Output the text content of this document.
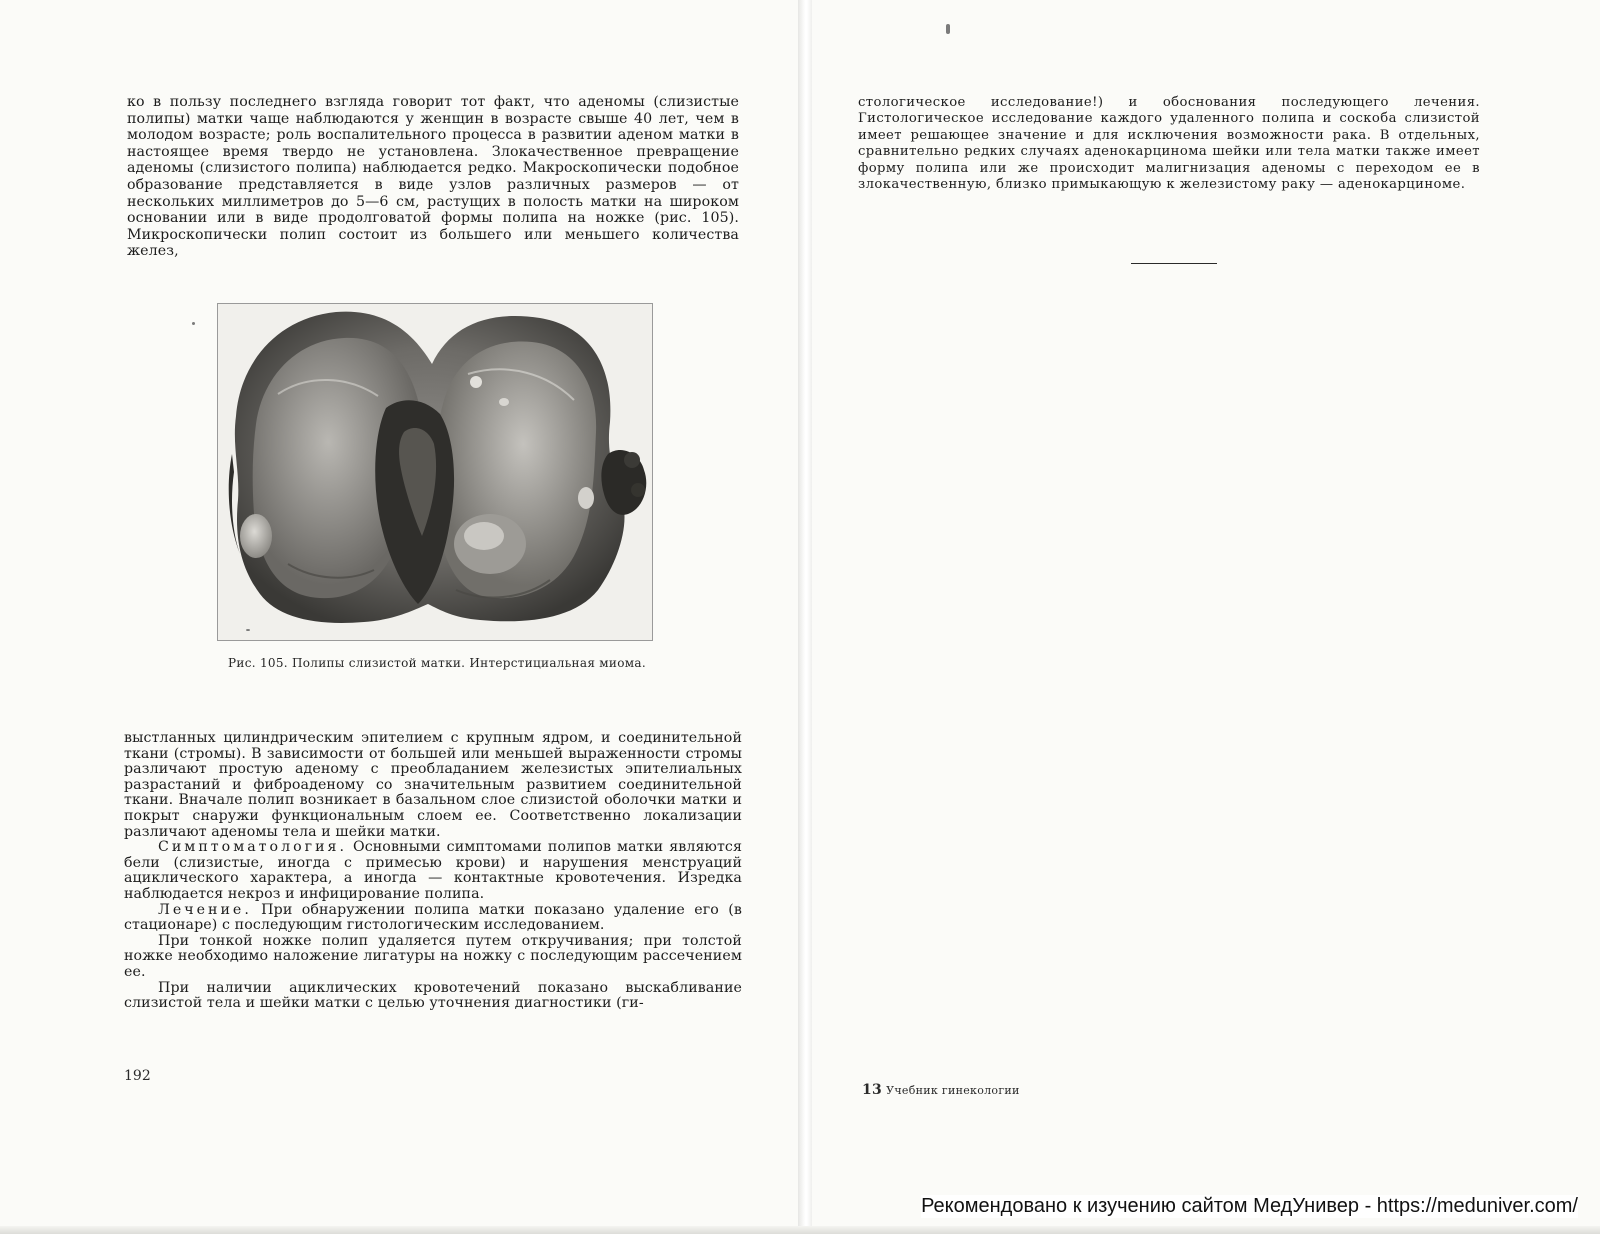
ко в пользу последнего взгляда говорит тот факт, что аденомы (слизистые полипы) матки чаще наблюдаются у женщин в возрасте свыше 40 лет, чем в молодом возрасте; роль воспалительного процесса в развитии аденом матки в настоящее время твердо не установлена. Злокачественное превращение аденомы (слизистого полипа) наблюдается редко. Макроскопически подобное образование представляется в виде узлов различных размеров — от нескольких миллиметров до 5—6 см, растущих в полость матки на широком основании или в виде продолговатой формы полипа на ножке (рис. 105). Микроскопически полип состоит из большего или меньшего количества желез,

Рис. 105. Полипы слизистой матки. Интерстициальная миома.

выстланных цилиндрическим эпителием с крупным ядром, и соединительной ткани (стромы). В зависимости от большей или меньшей выраженности стромы различают простую аденому с преобладанием железистых эпителиальных разрастаний и фиброаденому со значительным развитием соединительной ткани. Вначале полип возникает в базальном слое слизистой оболочки матки и покрыт снаружи функциональным слоем ее. Соответственно локализации различают аденомы тела и шейки матки.

Симптоматология. Основными симптомами полипов матки являются бели (слизистые, иногда с примесью крови) и нарушения менструаций ациклического характера, а иногда — контактные кровотечения. Изредка наблюдается некроз и инфицирование полипа.

Лечение. При обнаружении полипа матки показано удаление его (в стационаре) с последующим гистологическим исследованием.

При тонкой ножке полип удаляется путем откручивания; при толстой ножке необходимо наложение лигатуры на ножку с последующим рассечением ее.

При наличии ациклических кровотечений показано выскабливание слизистой тела и шейки матки с целью уточнения диагностики (ги-

192

стологическое исследование!) и обоснования последующего лечения. Гистологическое исследование каждого удаленного полипа и соскоба слизистой имеет решающее значение и для исключения возможности рака. В отдельных, сравнительно редких случаях аденокарцинома шейки или тела матки также имеет форму полипа или же происходит малигнизация аденомы с переходом ее в злокачественную, близко примыкающую к железистому раку — аденокарциноме.

13 Учебник гинекологии
Рекомендовано к изучению сайтом МедУнивер - https://meduniver.com/
